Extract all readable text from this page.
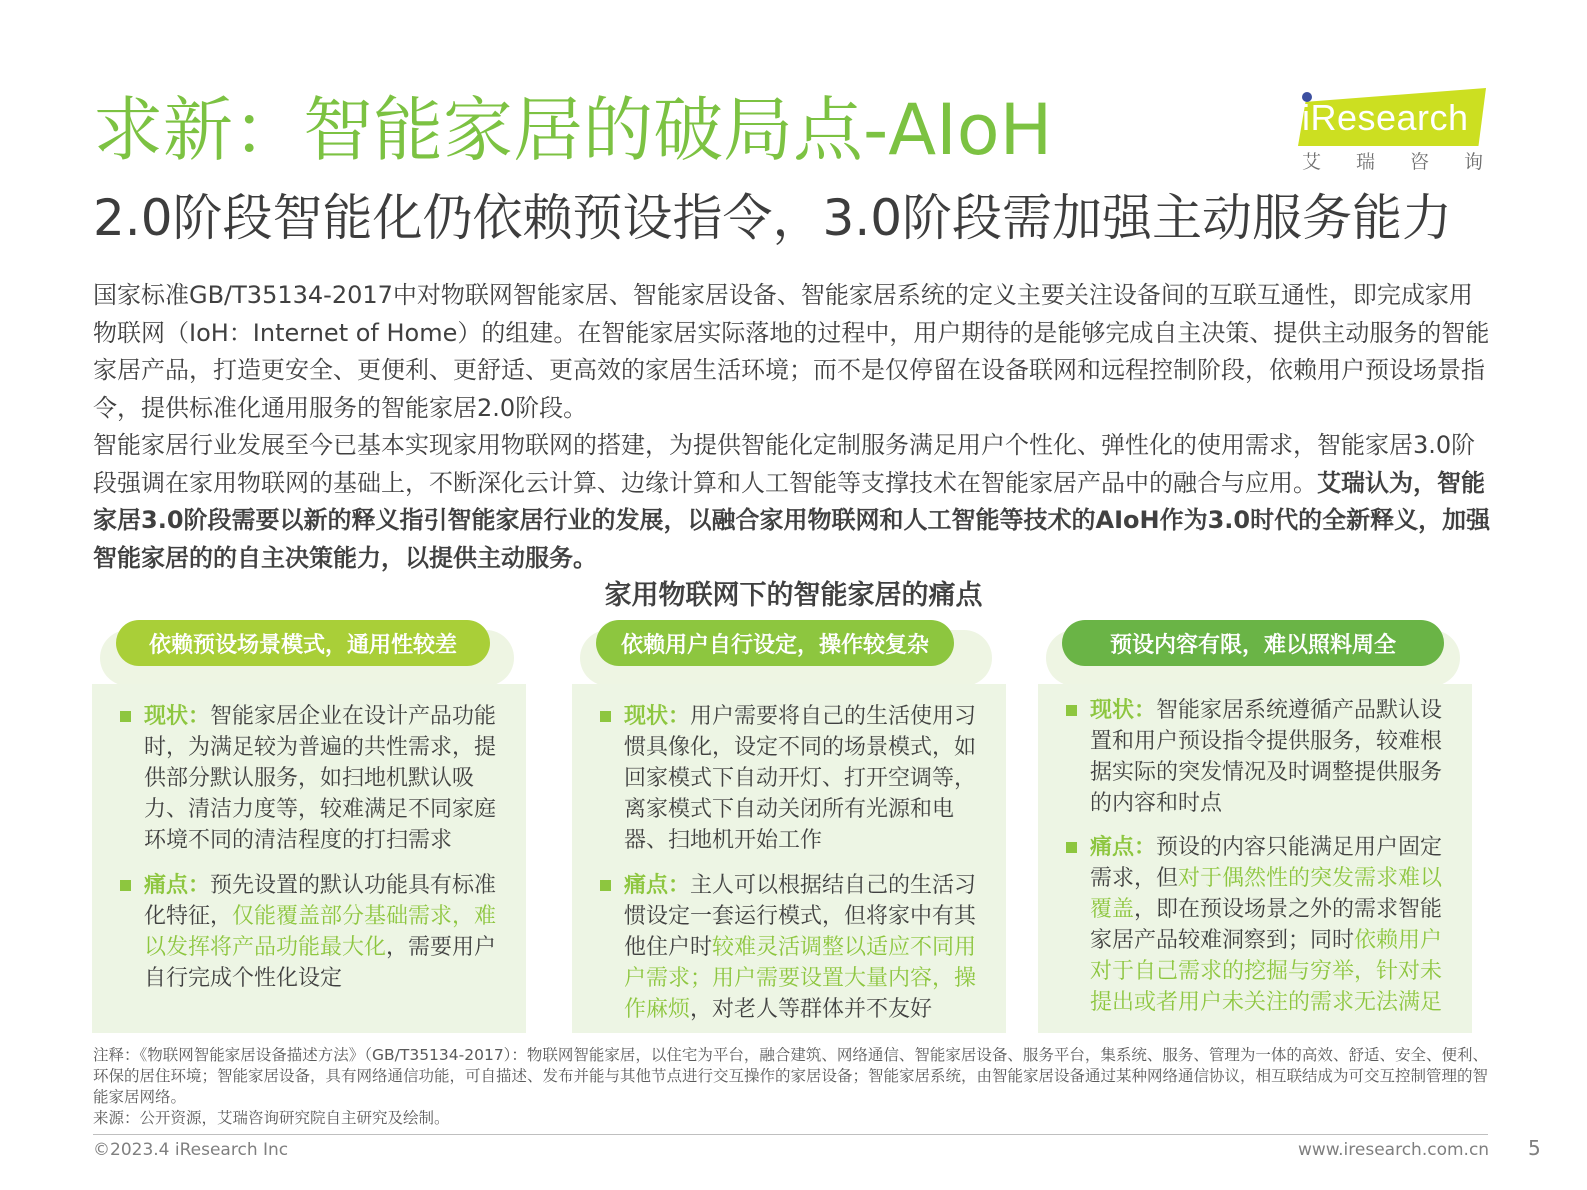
求新：智能家居的破局点-AIoH
2.0阶段智能化仍依赖预设指令，3.0阶段需加强主动服务能力
iResearch
艾瑞咨询

国家标准GB/T35134-2017中对物联网智能家居、智能家居设备、智能家居系统的定义主要关注设备间的互联互通性，即完成家用物联网（IoH：Internet of Home）的组建。在智能家居实际落地的过程中，用户期待的是能够完成自主决策、提供主动服务的智能家居产品，打造更安全、更便利、更舒适、更高效的家居生活环境；而不是仅停留在设备联网和远程控制阶段，依赖用户预设场景指令，提供标准化通用服务的智能家居2.0阶段。

智能家居行业发展至今已基本实现家用物联网的搭建，为提供智能化定制服务满足用户个性化、弹性化的使用需求，智能家居3.0阶段强调在家用物联网的基础上，不断深化云计算、边缘计算和人工智能等支撑技术在智能家居产品中的融合与应用。艾瑞认为，智能家居3.0阶段需要以新的释义指引智能家居行业的发展，以融合家用物联网和人工智能等技术的AIoH作为3.0时代的全新释义，加强智能家居的的自主决策能力，以提供主动服务。

家用物联网下的智能家居的痛点
依赖预设场景模式，通用性较差

现状：智能家居企业在设计产品功能时，为满足较为普遍的共性需求，提供部分默认服务，如扫地机默认吸力、清洁力度等，较难满足不同家庭环境不同的清洁程度的打扫需求

痛点：预先设置的默认功能具有标准化特征，仅能覆盖部分基础需求，难以发挥将产品功能最大化，需要用户自行完成个性化设定

依赖用户自行设定，操作较复杂

现状：用户需要将自己的生活使用习惯具像化，设定不同的场景模式，如回家模式下自动开灯、打开空调等，离家模式下自动关闭所有光源和电器、扫地机开始工作

痛点：主人可以根据结自己的生活习惯设定一套运行模式，但将家中有其他住户时较难灵活调整以适应不同用户需求；用户需要设置大量内容，操作麻烦，对老人等群体并不友好

预设内容有限，难以照料周全

现状：智能家居系统遵循产品默认设置和用户预设指令提供服务，较难根据实际的突发情况及时调整提供服务的内容和时点

痛点：预设的内容只能满足用户固定需求，但对于偶然性的突发需求难以覆盖，即在预设场景之外的需求智能家居产品较难洞察到；同时依赖用户对于自己需求的挖掘与穷举，针对未提出或者用户未关注的需求无法满足

注释：《物联网智能家居设备描述方法》（GB/T35134-2017）：物联网智能家居，以住宅为平台，融合建筑、网络通信、智能家居设备、服务平台，集系统、服务、管理为一体的高效、舒适、安全、便利、环保的居住环境；智能家居设备，具有网络通信功能，可自描述、发布并能与其他节点进行交互操作的家居设备；智能家居系统，由智能家居设备通过某种网络通信协议，相互联结成为可交互控制管理的智能家居网络。

来源：公开资源，艾瑞咨询研究院自主研究及绘制。

©2023.4 iResearch Inc	www.iresearch.com.cn 5
